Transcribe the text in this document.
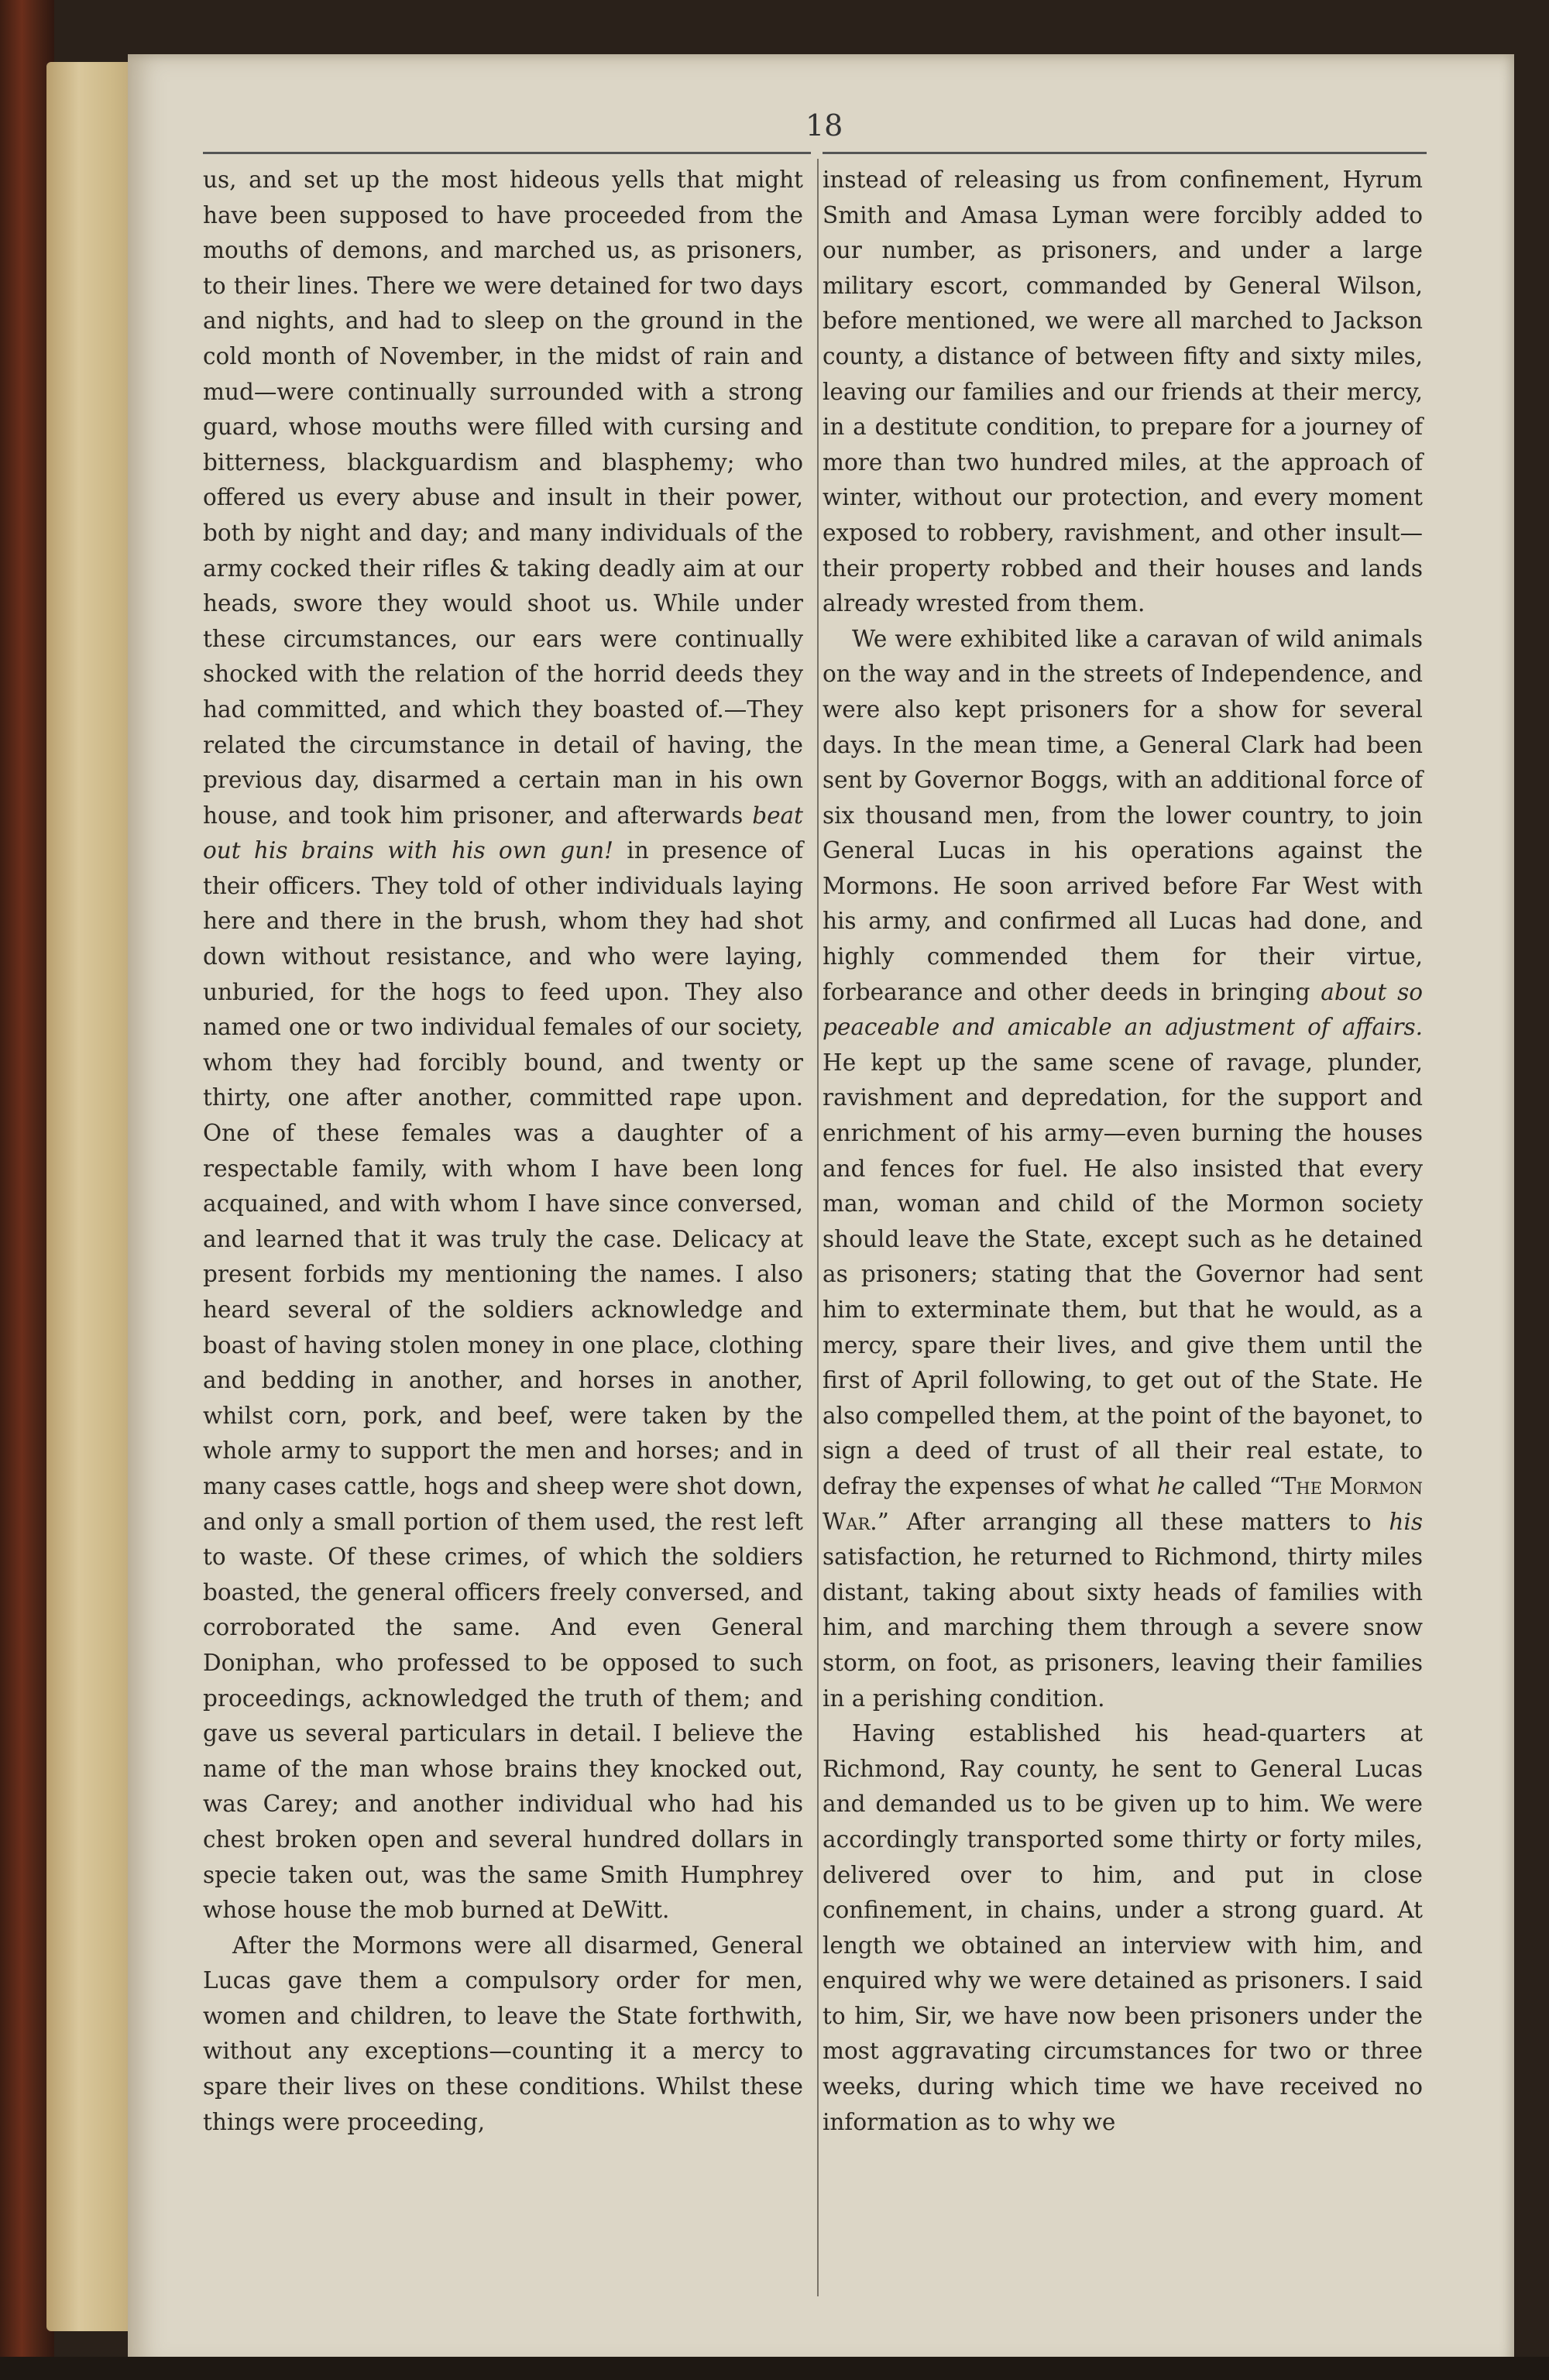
18

us, and set up the most hideous yells that might have been supposed to have proceeded from the mouths of demons, and marched us, as prisoners, to their lines. There we were detained for two days and nights, and had to sleep on the ground in the cold month of November, in the midst of rain and mud—were continually surrounded with a strong guard, whose mouths were filled with cursing and bitterness, blackguardism and blasphemy; who offered us every abuse and insult in their power, both by night and day; and many individuals of the army cocked their rifles & taking deadly aim at our heads, swore they would shoot us. While under these circumstances, our ears were continually shocked with the relation of the horrid deeds they had committed, and which they boasted of.—They related the circumstance in detail of having, the previous day, disarmed a certain man in his own house, and took him prisoner, and afterwards beat out his brains with his own gun! in presence of their officers. They told of other individuals laying here and there in the brush, whom they had shot down without resistance, and who were laying, unburied, for the hogs to feed upon. They also named one or two individual females of our society, whom they had forcibly bound, and twenty or thirty, one after another, committed rape upon. One of these females was a daughter of a respectable family, with whom I have been long acquained, and with whom I have since conversed, and learned that it was truly the case. Delicacy at present forbids my mentioning the names. I also heard several of the soldiers acknowledge and boast of having stolen money in one place, clothing and bedding in another, and horses in another, whilst corn, pork, and beef, were taken by the whole army to support the men and horses; and in many cases cattle, hogs and sheep were shot down, and only a small portion of them used, the rest left to waste. Of these crimes, of which the soldiers boasted, the general officers freely conversed, and corroborated the same. And even General Doniphan, who professed to be opposed to such proceedings, acknowledged the truth of them; and gave us several particulars in detail. I believe the name of the man whose brains they knocked out, was Carey; and another individual who had his chest broken open and several hundred dollars in specie taken out, was the same Smith Humphrey whose house the mob burned at DeWitt.

After the Mormons were all disarmed, General Lucas gave them a compulsory order for men, women and children, to leave the State forthwith, without any exceptions—counting it a mercy to spare their lives on these conditions. Whilst these things were proceeding,

instead of releasing us from confinement, Hyrum Smith and Amasa Lyman were forcibly added to our number, as prisoners, and under a large military escort, commanded by General Wilson, before mentioned, we were all marched to Jackson county, a distance of between fifty and sixty miles, leaving our families and our friends at their mercy, in a destitute condition, to prepare for a journey of more than two hundred miles, at the approach of winter, without our protection, and every moment exposed to robbery, ravishment, and other insult—their property robbed and their houses and lands already wrested from them.

We were exhibited like a caravan of wild animals on the way and in the streets of Independence, and were also kept prisoners for a show for several days. In the mean time, a General Clark had been sent by Governor Boggs, with an additional force of six thousand men, from the lower country, to join General Lucas in his operations against the Mormons. He soon arrived before Far West with his army, and confirmed all Lucas had done, and highly commended them for their virtue, forbearance and other deeds in bringing about so peaceable and amicable an adjustment of affairs. He kept up the same scene of ravage, plunder, ravishment and depredation, for the support and enrichment of his army—even burning the houses and fences for fuel. He also insisted that every man, woman and child of the Mormon society should leave the State, except such as he detained as prisoners; stating that the Governor had sent him to exterminate them, but that he would, as a mercy, spare their lives, and give them until the first of April following, to get out of the State. He also compelled them, at the point of the bayonet, to sign a deed of trust of all their real estate, to defray the expenses of what he called “The Mormon War.” After arranging all these matters to his satisfaction, he returned to Richmond, thirty miles distant, taking about sixty heads of families with him, and marching them through a severe snow storm, on foot, as prisoners, leaving their families in a perishing condition.

Having established his head-quarters at Richmond, Ray county, he sent to General Lucas and demanded us to be given up to him. We were accordingly transported some thirty or forty miles, delivered over to him, and put in close confinement, in chains, under a strong guard. At length we obtained an interview with him, and enquired why we were detained as prisoners. I said to him, Sir, we have now been prisoners under the most aggravating circumstances for two or three weeks, during which time we have received no information as to why we
